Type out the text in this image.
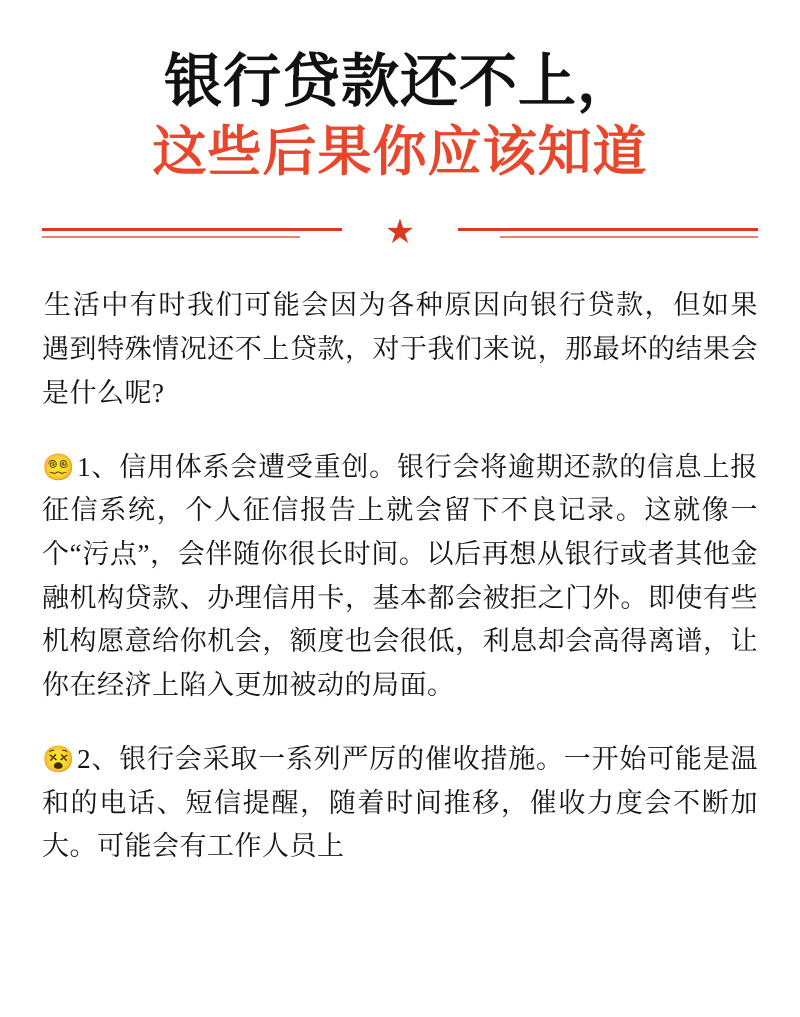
银行贷款还不上，
这些后果你应该知道
★

生活中有时我们可能会因为各种原因向银行贷款，但如果遇到特殊情况还不上贷款，对于我们来说，那最坏的结果会是什么呢?

😵‍💫1、信用体系会遭受重创。银行会将逾期还款的信息上报征信系统，个人征信报告上就会留下不良记录。这就像一个“污点”，会伴随你很长时间。以后再想从银行或者其他金融机构贷款、办理信用卡，基本都会被拒之门外。即使有些机构愿意给你机会，额度也会很低，利息却会高得离谱，让你在经济上陷入更加被动的局面。

😵2、银行会采取一系列严厉的催收措施。一开始可能是温和的电话、短信提醒，随着时间推移，催收力度会不断加大。可能会有工作人员上
